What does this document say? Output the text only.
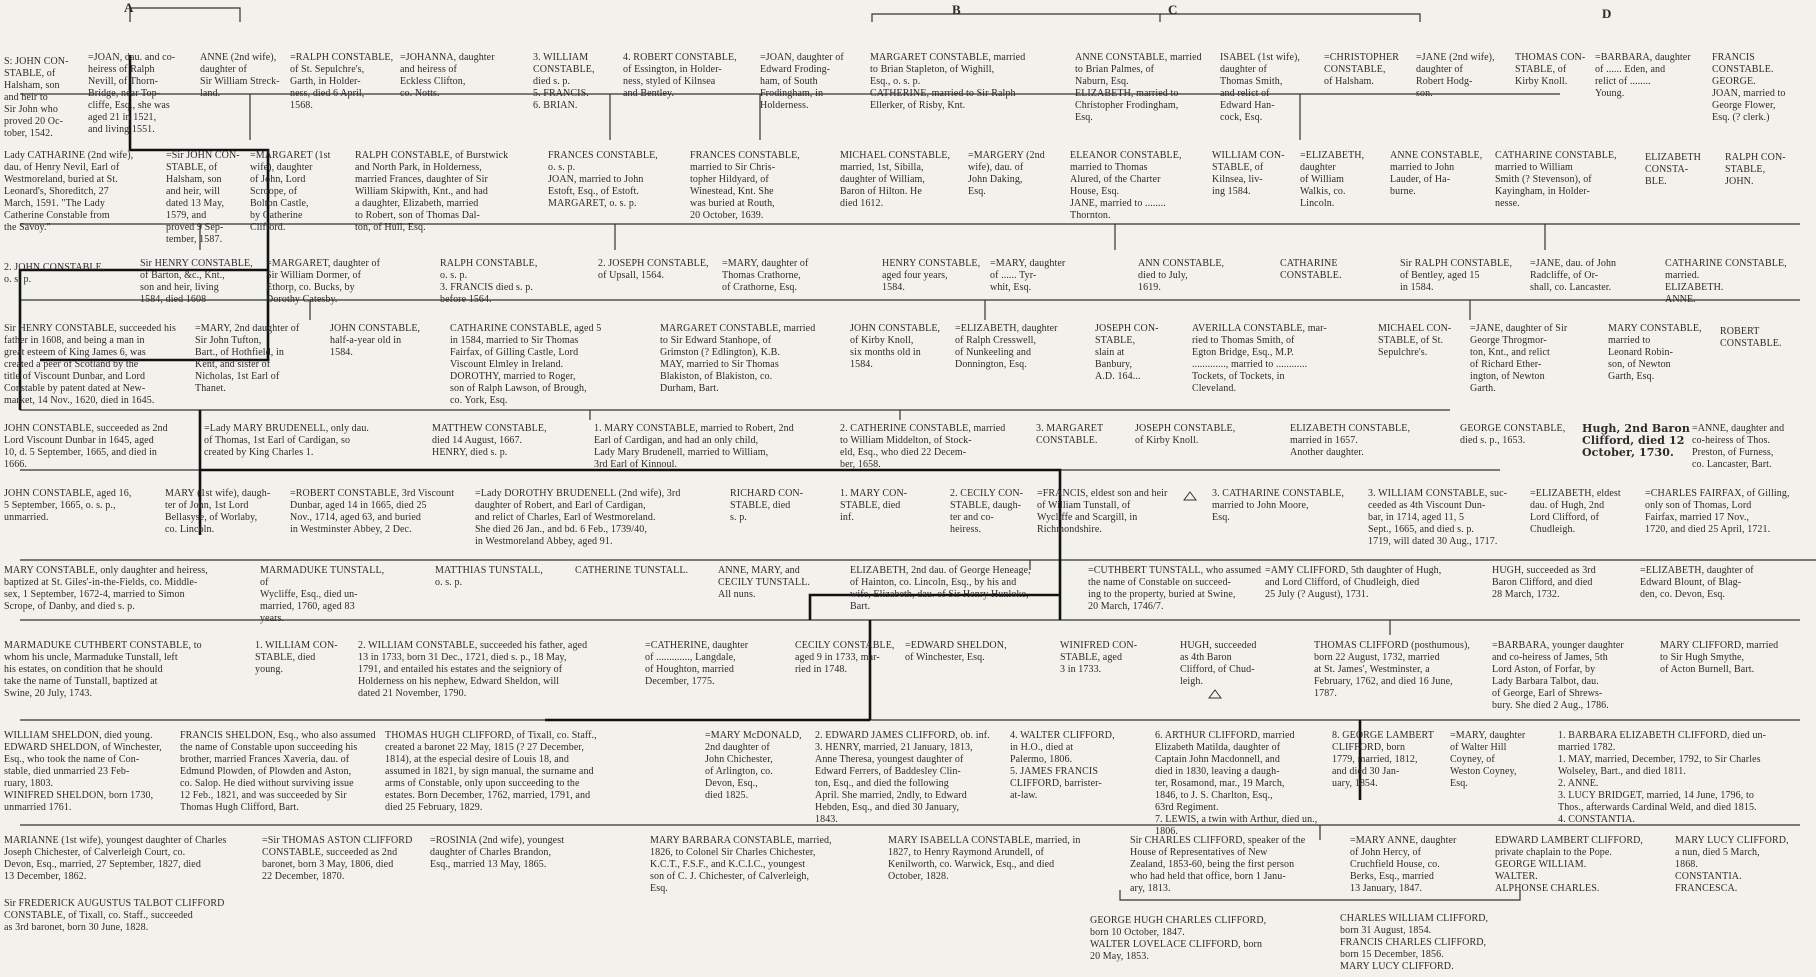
A	B	C	D
S: JOHN CON-
STABLE, of
Halsham, son
and heir to
Sir John who
proved 20 Oc-
tober, 1542.
=JOAN, dau. and co-
heiress of Ralph
Nevill, of Thorn-
Bridge, near Top-
cliffe, Esq., she was
aged 21 in 1521,
and living 1551.
ANNE (2nd wife),
daughter of
Sir William Streck-
land.
=RALPH CONSTABLE,
of St. Sepulchre's,
Garth, in Holder-
ness, died 6 April,
1568.
=JOHANNA, daughter
and heiress of
Eckless Clifton,
co. Notts.
3. WILLIAM
CONSTABLE,
died s. p.
5. FRANCIS.
6. BRIAN.
4. ROBERT CONSTABLE,
of Essington, in Holder-
ness, styled of Kilnsea
and Bentley.
=JOAN, daughter of
Edward Froding-
ham, of South
Frodingham, in
Holderness.
MARGARET CONSTABLE, married
to Brian Stapleton, of Wighill,
Esq., o. s. p.
CATHERINE, married to Sir Ralph
Ellerker, of Risby, Knt.
ANNE CONSTABLE, married
to Brian Palmes, of
Naburn, Esq.
ELIZABETH, married to
Christopher Frodingham,
Esq.
ISABEL (1st wife),
daughter of
Thomas Smith,
and relict of
Edward Han-
cock, Esq.
=CHRISTOPHER
CONSTABLE,
of Halsham.
=JANE (2nd wife),
daughter of
Robert Hodg-
son.
THOMAS CON-
STABLE, of
Kirby Knoll.
=BARBARA, daughter
of ...... Eden, and
relict of ........
Young.
FRANCIS
CONSTABLE.
GEORGE.
JOAN, married to
George Flower,
Esq. (? clerk.)
Lady CATHARINE (2nd wife),
dau. of Henry Nevil, Earl of
Westmoreland, buried at St.
Leonard's, Shoreditch, 27
March, 1591. "The Lady
Catherine Constable from
the Savoy."
=Sir JOHN CON-
STABLE, of
Halsham, son
and heir, will
dated 13 May,
1579, and
proved 9 Sep-
tember, 1587.
=MARGARET (1st
wife), daughter
of John, Lord
Scroope, of
Bolton Castle,
by Catherine
Clifford.
RALPH CONSTABLE, of Burstwick
and North Park, in Holderness,
married Frances, daughter of Sir
William Skipwith, Knt., and had
a daughter, Elizabeth, married
to Robert, son of Thomas Dal-
ton, of Hull, Esq.
FRANCES CONSTABLE,
o. s. p.
JOAN, married to John
Estoft, Esq., of Estoft.
MARGARET, o. s. p.
FRANCES CONSTABLE,
married to Sir Chris-
topher Hildyard, of
Winestead, Knt. She
was buried at Routh,
20 October, 1639.
MICHAEL CONSTABLE,
married, 1st, Sibilla,
daughter of William,
Baron of Hilton. He
died 1612.
=MARGERY (2nd
wife), dau. of
John Daking,
Esq.
ELEANOR CONSTABLE,
married to Thomas
Alured, of the Charter
House, Esq.
JANE, married to ........
Thornton.
WILLIAM CON-
STABLE, of
Kilnsea, liv-
ing 1584.
=ELIZABETH,
daughter
of William
Walkis, co.
Lincoln.
ANNE CONSTABLE,
married to John
Lauder, of Ha-
burne.
CATHARINE CONSTABLE,
married to William
Smith (? Stevenson), of
Kayingham, in Holder-
nesse.
ELIZABETH
CONSTA-
BLE.
RALPH CON-
STABLE,
JOHN.
2. JOHN CONSTABLE,
o. s. p.
Sir HENRY CONSTABLE,
of Barton, &c., Knt.,
son and heir, living
1584, died 1608
=MARGARET, daughter of
Sir William Dormer, of
Ethorp, co. Bucks, by
Dorothy Catesby.
RALPH CONSTABLE,
o. s. p.
3. FRANCIS died s. p.
before 1564.
2. JOSEPH CONSTABLE,
of Upsall, 1564.
=MARY, daughter of
Thomas Crathorne,
of Crathorne, Esq.
HENRY CONSTABLE,
aged four years,
1584.
=MARY, daughter
of ...... Tyr-
whit, Esq.
ANN CONSTABLE,
died to July,
1619.
CATHARINE
CONSTABLE.
Sir RALPH CONSTABLE,
of Bentley, aged 15
in 1584.
=JANE, dau. of John
Radcliffe, of Or-
shall, co. Lancaster.
CATHARINE CONSTABLE,
married.
ELIZABETH.
ANNE.
Sir HENRY CONSTABLE, succeeded his
father in 1608, and being a man in
great esteem of King James 6, was
created a peer of Scotland by the
title of Viscount Dunbar, and Lord
Constable by patent dated at New-
market, 14 Nov., 1620, died in 1645.
=MARY, 2nd daughter of
Sir John Tufton,
Bart., of Hothfield, in
Kent, and sister of
Nicholas, 1st Earl of
Thanet.
JOHN CONSTABLE,
half-a-year old in
1584.
CATHARINE CONSTABLE, aged 5
in 1584, married to Sir Thomas
Fairfax, of Gilling Castle, Lord
Viscount Elmley in Ireland.
DOROTHY, married to Roger,
son of Ralph Lawson, of Brough,
co. York, Esq.
MARGARET CONSTABLE, married
to Sir Edward Stanhope, of
Grimston (? Edlington), K.B.
MAY, married to Sir Thomas
Blakiston, of Blakiston, co.
Durham, Bart.
JOHN CONSTABLE,
of Kirby Knoll,
six months old in
1584.
=ELIZABETH, daughter
of Ralph Cresswell,
of Nunkeeling and
Donnington, Esq.
JOSEPH CON-
STABLE,
slain at
Banbury,
A.D. 164...
AVERILLA CONSTABLE, mar-
ried to Thomas Smith, of
Egton Bridge, Esq., M.P.
............., married to ............
Tockets, of Tockets, in
Cleveland.
MICHAEL CON-
STABLE, of St.
Sepulchre's.
=JANE, daughter of Sir
George Throgmor-
ton, Knt., and relict
of Richard Ether-
ington, of Newton
Garth.
MARY CONSTABLE,
married to
Leonard Robin-
son, of Newton
Garth, Esq.
ROBERT
CONSTABLE.
JOHN CONSTABLE, succeeded as 2nd
Lord Viscount Dunbar in 1645, aged
10, d. 5 September, 1665, and died in
1666.
=Lady MARY BRUDENELL, only dau.
of Thomas, 1st Earl of Cardigan, so
created by King Charles 1.
MATTHEW CONSTABLE,
died 14 August, 1667.
HENRY, died s. p.
1. MARY CONSTABLE, married to Robert, 2nd
Earl of Cardigan, and had an only child,
Lady Mary Brudenell, married to William,
3rd Earl of Kinnoul.
2. CATHERINE CONSTABLE, married
to William Middelton, of Stock-
eld, Esq., who died 22 Decem-
ber, 1658.
3. MARGARET
CONSTABLE.
JOSEPH CONSTABLE,
of Kirby Knoll.
ELIZABETH CONSTABLE,
married in 1657.
Another daughter.
GEORGE CONSTABLE,
died s. p., 1653.
Hugh, 2nd Baron
Clifford, died 12
October, 1730.
=ANNE, daughter and
co-heiress of Thos.
Preston, of Furness,
co. Lancaster, Bart.
JOHN CONSTABLE, aged 16,
5 September, 1665, o. s. p.,
unmarried.
MARY (1st wife), daugh-
ter of John, 1st Lord
Bellasyse, of Worlaby,
co. Lincoln.
=ROBERT CONSTABLE, 3rd Viscount
Dunbar, aged 14 in 1665, died 25
Nov., 1714, aged 63, and buried
in Westminster Abbey, 2 Dec.
=Lady DOROTHY BRUDENELL (2nd wife), 3rd
daughter of Robert, and Earl of Cardigan,
and relict of Charles, Earl of Westmoreland.
She died 26 Jan., and bd. 6 Feb., 1739/40,
in Westmoreland Abbey, aged 91.
RICHARD CON-
STABLE, died
s. p.
1. MARY CON-
STABLE, died
inf.
2. CECILY CON-
STABLE, daugh-
ter and co-
heiress.
=FRANCIS, eldest son and heir
of William Tunstall, of
Wycliffe and Scargill, in
Richmondshire.
3. CATHARINE CONSTABLE,
married to John Moore,
Esq.
3. WILLIAM CONSTABLE, suc-
ceeded as 4th Viscount Dun-
bar, in 1714, aged 11, 5
Sept., 1665, and died s. p.
1719, will dated 30 Aug., 1717.
=ELIZABETH, eldest
dau. of Hugh, 2nd
Lord Clifford, of
Chudleigh.
=CHARLES FAIRFAX, of Gilling,
only son of Thomas, Lord
Fairfax, married 17 Nov.,
1720, and died 25 April, 1721.
MARY CONSTABLE, only daughter and heiress,
baptized at St. Giles'-in-the-Fields, co. Middle-
sex, 1 September, 1672-4, married to Simon
Scrope, of Danby, and died s. p.
MARMADUKE TUNSTALL, of
Wycliffe, Esq., died un-
married, 1760, aged 83
years.
MATTHIAS TUNSTALL,
o. s. p.
CATHERINE TUNSTALL.	ANNE, MARY, and
CECILY TUNSTALL.
All nuns.
ELIZABETH, 2nd dau. of George Heneage,
of Hainton, co. Lincoln, Esq., by his and
wife, Elizabeth, dau. of Sir Henry Hunloke,
Bart.
=CUTHBERT TUNSTALL, who assumed
the name of Constable on succeed-
ing to the property, buried at Swine,
20 March, 1746/7.
=AMY CLIFFORD, 5th daughter of Hugh,
and Lord Clifford, of Chudleigh, died
25 July (? August), 1731.
HUGH, succeeded as 3rd
Baron Clifford, and died
28 March, 1732.
=ELIZABETH, daughter of
Edward Blount, of Blag-
den, co. Devon, Esq.
MARMADUKE CUTHBERT CONSTABLE, to
whom his uncle, Marmaduke Tunstall, left
his estates, on condition that he should
take the name of Tunstall, baptized at
Swine, 20 July, 1743.
1. WILLIAM CON-
STABLE, died
young.
2. WILLIAM CONSTABLE, succeeded his father, aged
13 in 1733, born 31 Dec., 1721, died s. p., 18 May,
1791, and entailed his estates and the seigniory of
Holderness on his nephew, Edward Sheldon, will
dated 21 November, 1790.
=CATHERINE, daughter
of ............., Langdale,
of Houghton, married
December, 1775.
CECILY CONSTABLE,
aged 9 in 1733, mar-
ried in 1748.
=EDWARD SHELDON,
of Winchester, Esq.
WINIFRED CON-
STABLE, aged
3 in 1733.
HUGH, succeeded
as 4th Baron
Clifford, of Chud-
leigh.
THOMAS CLIFFORD (posthumous),
born 22 August, 1732, married
at St. James', Westminster, a
February, 1762, and died 16 June,
1787.
=BARBARA, younger daughter
and co-heiress of James, 5th
Lord Aston, of Forfar, by
Lady Barbara Talbot, dau.
of George, Earl of Shrews-
bury. She died 2 Aug., 1786.
MARY CLIFFORD, married
to Sir Hugh Smythe,
of Acton Burnell, Bart.
WILLIAM SHELDON, died young.
EDWARD SHELDON, of Winchester,
Esq., who took the name of Con-
stable, died unmarried 23 Feb-
ruary, 1803.
WINIFRED SHELDON, born 1730,
unmarried 1761.
FRANCIS SHELDON, Esq., who also assumed
the name of Constable upon succeeding his
brother, married Frances Xaveria, dau. of
Edmund Plowden, of Plowden and Aston,
co. Salop. He died without surviving issue
12 Feb., 1821, and was succeeded by Sir
Thomas Hugh Clifford, Bart.
THOMAS HUGH CLIFFORD, of Tixall, co. Staff.,
created a baronet 22 May, 1815 (? 27 December,
1814), at the especial desire of Louis 18, and
assumed in 1821, by sign manual, the surname and
arms of Constable, only upon succeeding to the
estates. Born December, 1762, married, 1791, and
died 25 February, 1829.
=MARY McDONALD,
2nd daughter of
John Chichester,
of Arlington, co.
Devon, Esq.,
died 1825.
2. EDWARD JAMES CLIFFORD, ob. inf.
3. HENRY, married, 21 January, 1813,
Anne Theresa, youngest daughter of
Edward Ferrers, of Baddesley Clin-
ton, Esq., and died the following
April. She married, 2ndly, to Edward
Hebden, Esq., and died 30 January,
1843.
4. WALTER CLIFFORD,
in H.O., died at
Palermo, 1806.
5. JAMES FRANCIS
CLIFFORD, barrister-
at-law.
6. ARTHUR CLIFFORD, married
Elizabeth Matilda, daughter of
Captain John Macdonnell, and
died in 1830, leaving a daugh-
ter, Rosamond, mar., 19 March,
1846, to J. S. Charlton, Esq.,
63rd Regiment.
7. LEWIS, a twin with Arthur, died un., 1806.
8. GEORGE LAMBERT
CLIFFORD, born
1779, married, 1812,
and died 30 Jan-
uary, 1854.
=MARY, daughter
of Walter Hill
Coyney, of
Weston Coyney,
Esq.
1. BARBARA ELIZABETH CLIFFORD, died un-
married 1782.
1. MAY, married, December, 1792, to Sir Charles
Wolseley, Bart., and died 1811.
2. ANNE.
3. LUCY BRIDGET, married, 14 June, 1796, to
Thos., afterwards Cardinal Weld, and died 1815.
4. CONSTANTIA.
MARIANNE (1st wife), youngest daughter of Charles
Joseph Chichester, of Calverleigh Court, co.
Devon, Esq., married, 27 September, 1827, died
13 December, 1862.
=Sir THOMAS ASTON CLIFFORD
CONSTABLE, succeeded as 2nd
baronet, born 3 May, 1806, died
22 December, 1870.
=ROSINIA (2nd wife), youngest
daughter of Charles Brandon,
Esq., married 13 May, 1865.
MARY BARBARA CONSTABLE, married,
1826, to Colonel Sir Charles Chichester,
K.C.T., F.S.F., and K.C.I.C., youngest
son of C. J. Chichester, of Calverleigh,
Esq.
MARY ISABELLA CONSTABLE, married, in
1827, to Henry Raymond Arundell, of
Kenilworth, co. Warwick, Esq., and died
October, 1828.
Sir CHARLES CLIFFORD, speaker of the
House of Representatives of New
Zealand, 1853-60, being the first person
who had held that office, born 1 Janu-
ary, 1813.
=MARY ANNE, daughter
of John Hercy, of
Cruchfield House, co.
Berks, Esq., married
13 January, 1847.
EDWARD LAMBERT CLIFFORD,
private chaplain to the Pope.
GEORGE WILLIAM.
WALTER.
ALPHONSE CHARLES.
MARY LUCY CLIFFORD,
a nun, died 5 March,
1868.
CONSTANTIA.
FRANCESCA.
Sir FREDERICK AUGUSTUS TALBOT CLIFFORD
CONSTABLE, of Tixall, co. Staff., succeeded
as 3rd baronet, born 30 June, 1828.
GEORGE HUGH CHARLES CLIFFORD,
born 10 October, 1847.
WALTER LOVELACE CLIFFORD, born
20 May, 1853.
CHARLES WILLIAM CLIFFORD,
born 31 August, 1854.
FRANCIS CHARLES CLIFFORD,
born 15 December, 1856.
MARY LUCY CLIFFORD.
